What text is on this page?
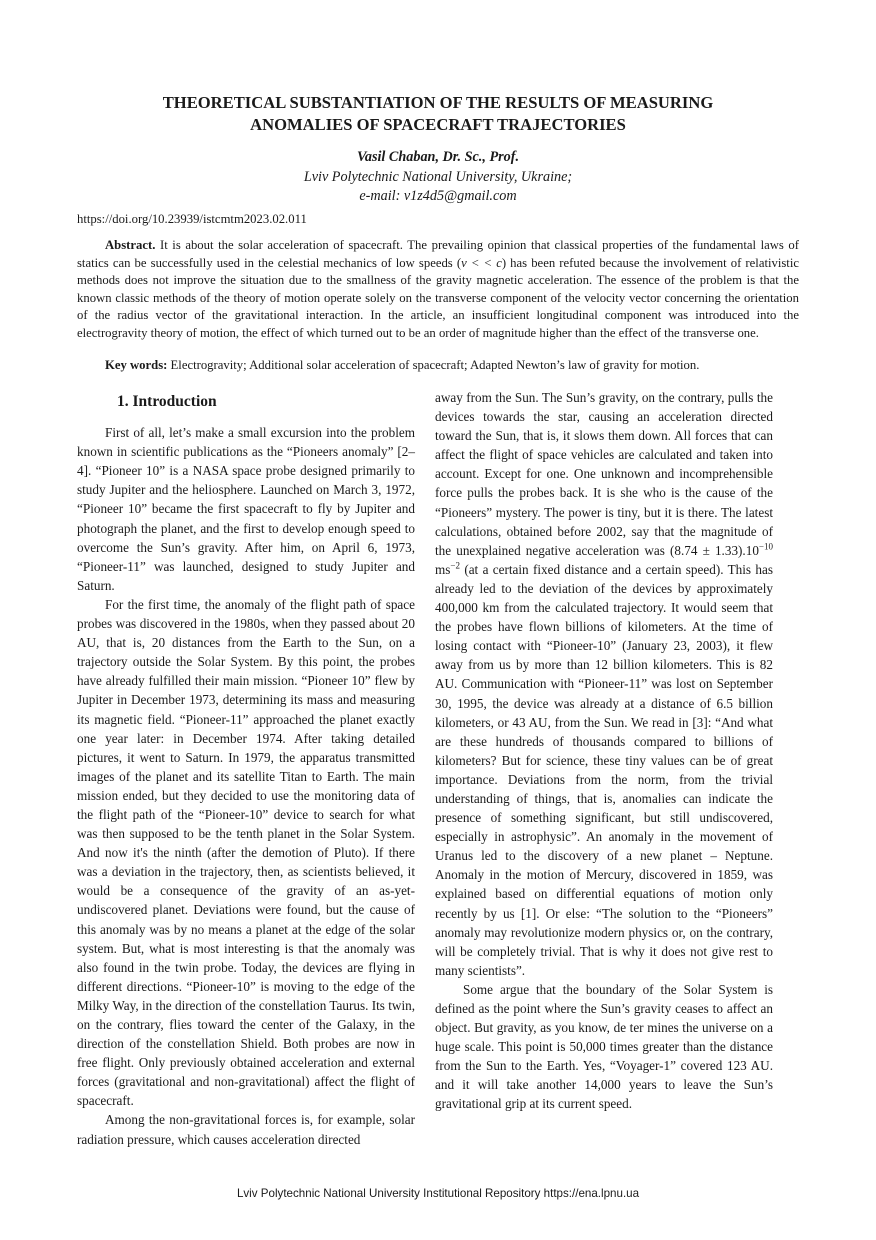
THEORETICAL SUBSTANTIATION OF THE RESULTS OF MEASURING
ANOMALIES OF SPACECRAFT TRAJECTORIES
Vasil Chaban, Dr. Sc., Prof.
Lviv Polytechnic National University, Ukraine;
e-mail: v1z4d5@gmail.com
https://doi.org/10.23939/istcmtm2023.02.011

Abstract. It is about the solar acceleration of spacecraft. The prevailing opinion that classical properties of the fundamental laws of statics can be successfully used in the celestial mechanics of low speeds (v < < c) has been refuted because the involvement of relativistic methods does not improve the situation due to the smallness of the gravity magnetic acceleration. The essence of the problem is that the known classic methods of the theory of motion operate solely on the transverse component of the velocity vector concerning the orientation of the radius vector of the gravitational interaction. In the article, an insufficient longitudinal component was introduced into the electrogravity theory of motion, the effect of which turned out to be an order of magnitude higher than the effect of the transverse one.

Key words: Electrogravity; Additional solar acceleration of spacecraft; Adapted Newton’s law of gravity for motion.

1. Introduction

First of all, let’s make a small excursion into the problem known in scientific publications as the “Pioneers anomaly” [2–4]. “Pioneer 10” is a NASA space probe designed primarily to study Jupiter and the heliosphere. Launched on March 3, 1972, “Pioneer 10” became the first spacecraft to fly by Jupiter and photograph the planet, and the first to develop enough speed to overcome the Sun’s gravity. After him, on April 6, 1973, “Pioneer-11” was launched, designed to study Jupiter and Saturn.

For the first time, the anomaly of the flight path of space probes was discovered in the 1980s, when they passed about 20 AU, that is, 20 distances from the Earth to the Sun, on a trajectory outside the Solar System. By this point, the probes have already fulfilled their main mission. “Pioneer 10” flew by Jupiter in December 1973, determining its mass and measuring its magnetic field. “Pioneer-11” approached the planet exactly one year later: in December 1974. After taking detailed pictures, it went to Saturn. In 1979, the apparatus transmitted images of the planet and its satellite Titan to Earth. The main mission ended, but they decided to use the monitoring data of the flight path of the “Pioneer-10” device to search for what was then supposed to be the tenth planet in the Solar System. And now it's the ninth (after the demotion of Pluto). If there was a deviation in the trajectory, then, as scientists believed, it would be a consequence of the gravity of an as-yet-undiscovered planet. Deviations were found, but the cause of this anomaly was by no means a planet at the edge of the solar system. But, what is most interesting is that the anomaly was also found in the twin probe. Today, the devices are flying in different directions. “Pioneer-10” is moving to the edge of the Milky Way, in the direction of the constellation Taurus. Its twin, on the contrary, flies toward the center of the Galaxy, in the direction of the constellation Shield. Both probes are now in free flight. Only previously obtained acceleration and external forces (gravitational and non-gravitational) affect the flight of spacecraft.

Among the non-gravitational forces is, for example, solar radiation pressure, which causes acceleration directed

away from the Sun. The Sun’s gravity, on the contrary, pulls the devices towards the star, causing an acceleration directed toward the Sun, that is, it slows them down. All forces that can affect the flight of space vehicles are calculated and taken into account. Except for one. One unknown and incomprehensible force pulls the probes back. It is she who is the cause of the “Pioneers” mystery. The power is tiny, but it is there. The latest calculations, obtained before 2002, say that the magnitude of the unexplained negative acceleration was $(8.74 \pm 1.33).10^{-10}$ $ms^{-2}$ (at a certain fixed distance and a certain speed). This has already led to the deviation of the devices by approximately 400,000 km from the calculated trajectory. It would seem that the probes have flown billions of kilometers. At the time of losing contact with “Pioneer-10” (January 23, 2003), it flew away from us by more than 12 billion kilometers. This is 82 AU. Communication with “Pioneer-11” was lost on September 30, 1995, the device was already at a distance of 6.5 billion kilometers, or 43 AU, from the Sun. We read in [3]: “And what are these hundreds of thousands compared to billions of kilometers? But for science, these tiny values can be of great importance. Deviations from the norm, from the trivial understanding of things, that is, anomalies can indicate the presence of something significant, but still undiscovered, especially in astrophysic”. An anomaly in the movement of Uranus led to the discovery of a new planet – Neptune. Anomaly in the motion of Mercury, discovered in 1859, was explained based on differential equations of motion only recently by us [1]. Or else: “The solution to the “Pioneers” anomaly may revolutionize modern physics or, on the contrary, will be completely trivial. That is why it does not give rest to many scientists”.

Some argue that the boundary of the Solar System is defined as the point where the Sun’s gravity ceases to affect an object. But gravity, as you know, de ter mines the universe on a huge scale. This point is 50,000 times greater than the distance from the Sun to the Earth. Yes, “Voyager-1” covered 123 AU. and it will take another 14,000 years to leave the Sun’s gravitational grip at its current speed.

Lviv Polytechnic National University Institutional Repository https://ena.lpnu.ua
